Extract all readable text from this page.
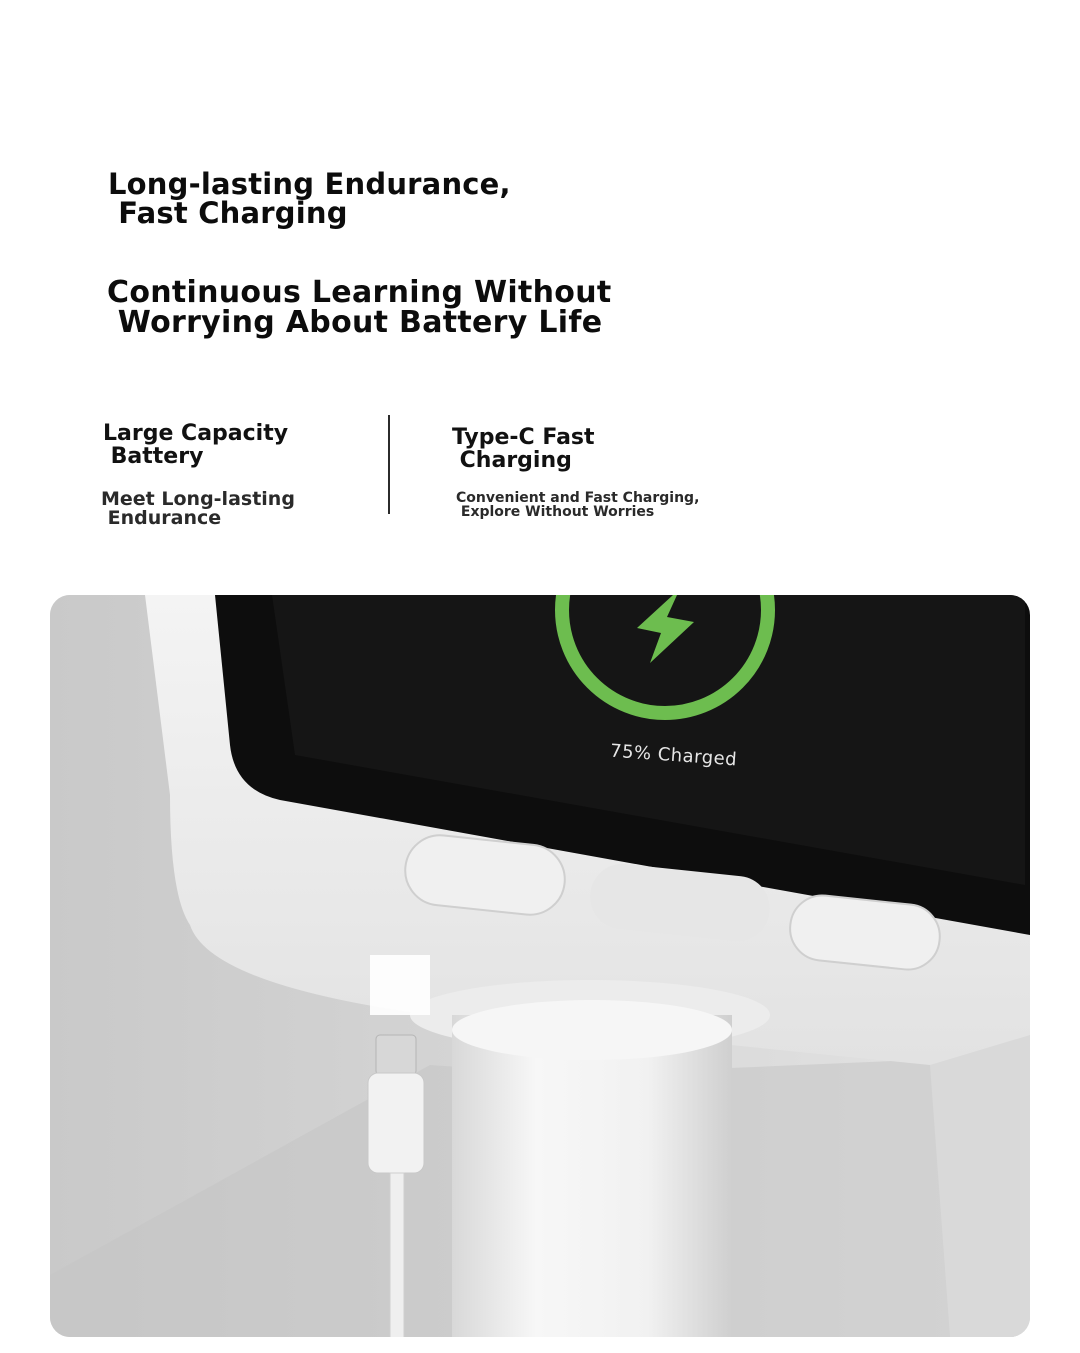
Long-lasting Endurance,
Fast Charging
Continuous Learning Without
Worrying About Battery Life
Large Capacity
Battery
Meet Long-lasting
Endurance
Type-C Fast
Charging
Convenient and Fast Charging,
Explore Without Worries
75% Charged
